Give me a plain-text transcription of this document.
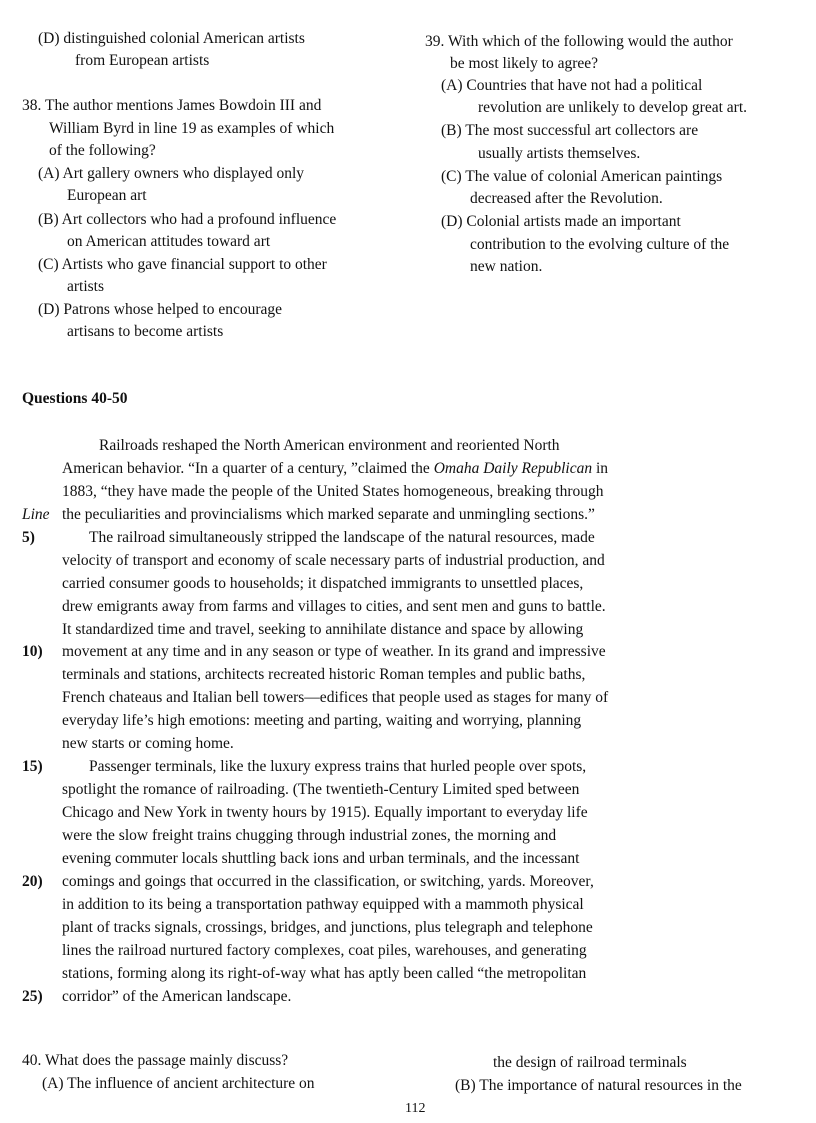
(D) distinguished colonial American artists
from European artists
38. The author mentions James Bowdoin III and
William Byrd in line 19 as examples of which
of the following?
(A) Art gallery owners who displayed only
European art
(B) Art collectors who had a profound influence
on American attitudes toward art
(C) Artists who gave financial support to other
artists
(D) Patrons whose helped to encourage
artisans to become artists
39. With which of the following would the author
be most likely to agree?
(A) Countries that have not had a political
revolution are unlikely to develop great art.
(B) The most successful art collectors are
usually artists themselves.
(C) The value of colonial American paintings
decreased after the Revolution.
(D) Colonial artists made an important
contribution to the evolving culture of the
new nation.
Questions 40-50
Railroads reshaped the North American environment and reoriented North
American behavior. “In a quarter of a century, ”claimed the Omaha Daily Republican in
1883, “they have made the people of the United States homogeneous, breaking through
Line the peculiarities and provincialisms which marked separate and unmingling sections.”
5)	The railroad simultaneously stripped the landscape of the natural resources, made
velocity of transport and economy of scale necessary parts of industrial production, and
carried consumer goods to households; it dispatched immigrants to unsettled places,
drew emigrants away from farms and villages to cities, and sent men and guns to battle.
It standardized time and travel, seeking to annihilate distance and space by allowing
10) movement at any time and in any season or type of weather. In its grand and impressive
terminals and stations, architects recreated historic Roman temples and public baths,
French chateaus and Italian bell towers—edifices that people used as stages for many of
everyday life’s high emotions: meeting and parting, waiting and worrying, planning
new starts or coming home.
15)	Passenger terminals, like the luxury express trains that hurled people over spots,
spotlight the romance of railroading. (The twentieth-Century Limited sped between
Chicago and New York in twenty hours by 1915). Equally important to everyday life
were the slow freight trains chugging through industrial zones, the morning and
evening commuter locals shuttling back ions and urban terminals, and the incessant
20) comings and goings that occurred in the classification, or switching, yards. Moreover,
in addition to its being a transportation pathway equipped with a mammoth physical
plant of tracks signals, crossings, bridges, and junctions, plus telegraph and telephone
lines the railroad nurtured factory complexes, coat piles, warehouses, and generating
stations, forming along its right-of-way what has aptly been called “the metropolitan
25) corridor” of the American landscape.
40. What does the passage mainly discuss?
(A) The influence of ancient architecture on
the design of railroad terminals
(B) The importance of natural resources in the
112
